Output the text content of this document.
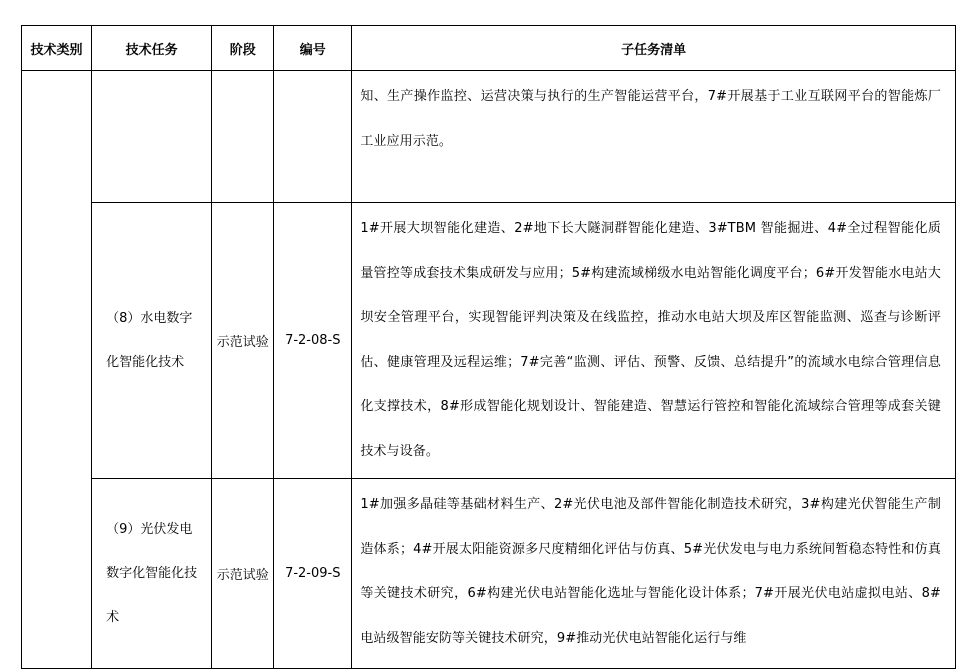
技术类别	技术任务	阶段	编号	子任务清单
				知、生产操作监控、运营决策与执行的生产智能运营平台，7#开展基于工业互联网平台的智能炼厂工业应用示范。
	（8）水电数字化智能化技术	示范试验	7-2-08-S	1#开展大坝智能化建造、2#地下长大隧洞群智能化建造、3#TBM 智能掘进、4#全过程智能化质量管控等成套技术集成研发与应用；5#构建流域梯级水电站智能化调度平台；6#开发智能水电站大坝安全管理平台，实现智能评判决策及在线监控，推动水电站大坝及库区智能监测、巡查与诊断评估、健康管理及远程运维；7#完善“监测、评估、预警、反馈、总结提升”的流域水电综合管理信息化支撑技术，8#形成智能化规划设计、智能建造、智慧运行管控和智能化流域综合管理等成套关键技术与设备。
	（9）光伏发电数字化智能化技术	示范试验	7-2-09-S	1#加强多晶硅等基础材料生产、2#光伏电池及部件智能化制造技术研究，3#构建光伏智能生产制造体系；4#开展太阳能资源多尺度精细化评估与仿真、5#光伏发电与电力系统间暂稳态特性和仿真等关键技术研究，6#构建光伏电站智能化选址与智能化设计体系；7#开展光伏电站虚拟电站、8#电站级智能安防等关键技术研究，9#推动光伏电站智能化运行与维
